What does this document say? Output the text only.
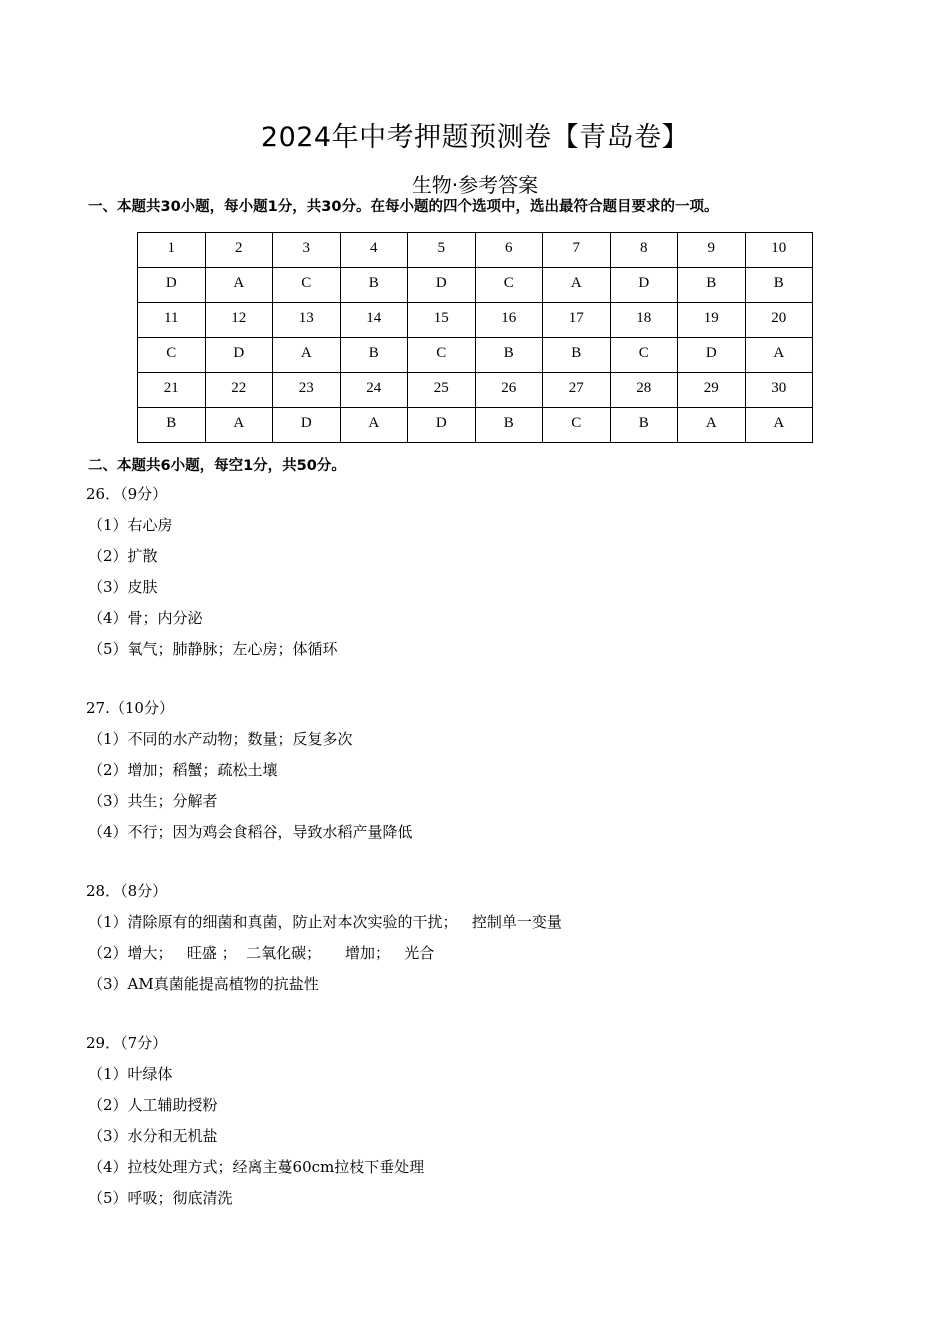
2024年中考押题预测卷【青岛卷】
生物·参考答案
一、本题共30小题，每小题1分，共30分。在每小题的四个选项中，选出最符合题目要求的一项。
1	2	3	4	5	6	7	8	9	10
D	A	C	B	D	C	A	D	B	B
11	12	13	14	15	16	17	18	19	20
C	D	A	B	C	B	B	C	D	A
21	22	23	24	25	26	27	28	29	30
B	A	D	A	D	B	C	B	A	A
二、本题共6小题，每空1分，共50分。
26．（9分）
（1）右心房
（2）扩散
（3）皮肤
（4）骨；内分泌
（5）氧气；肺静脉；左心房；体循环
27.（10分）
（1）不同的水产动物；数量；反复多次
（2）增加；稻蟹；疏松土壤
（3）共生；分解者
（4）不行；因为鸡会食稻谷，导致水稻产量降低
28．（8分）
（1）清除原有的细菌和真菌，防止对本次实验的干扰；   控制单一变量
（2）增大；   旺盛 ；  二氧化碳；     增加；   光合
（3）AM真菌能提高植物的抗盐性
29．（7分）
（1）叶绿体
（2）人工辅助授粉
（3）水分和无机盐
（4）拉枝处理方式；经离主蔓60cm拉枝下垂处理
（5）呼吸；彻底清洗
